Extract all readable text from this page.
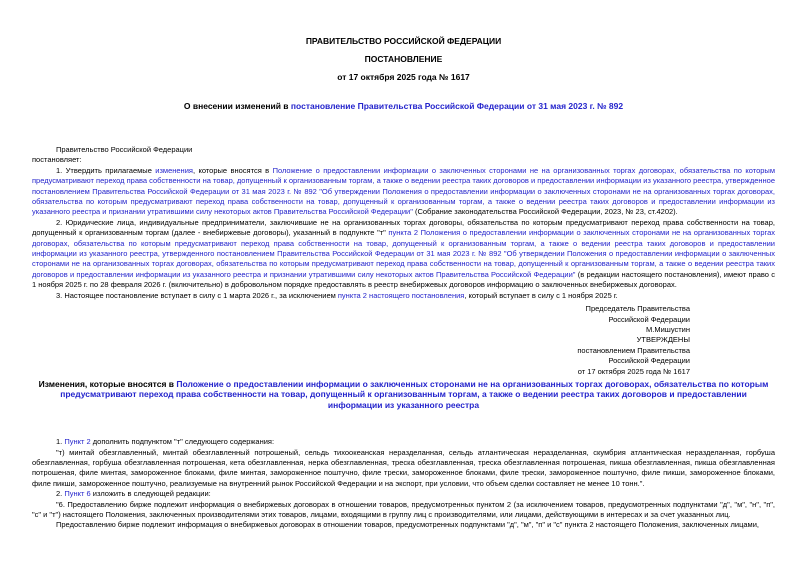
ПРАВИТЕЛЬСТВО РОССИЙСКОЙ ФЕДЕРАЦИИ
ПОСТАНОВЛЕНИЕ
от 17 октября 2025 года № 1617
О внесении изменений в постановление Правительства Российской Федерации от 31 мая 2023 г. № 892

Правительство Российской Федерации

постановляет:

1. Утвердить прилагаемые изменения, которые вносятся в Положение о предоставлении информации о заключенных сторонами не на организованных торгах договорах, обязательства по которым предусматривают переход права собственности на товар, допущенный к организованным торгам, а также о ведении реестра таких договоров и предоставлении информации из указанного реестра, утвержденное постановлением Правительства Российской Федерации от 31 мая 2023 г. № 892 "Об утверждении Положения о предоставлении информации о заключенных сторонами не на организованных торгах договорах, обязательства по которым предусматривают переход права собственности на товар, допущенный к организованным торгам, а также о ведении реестра таких договоров и предоставлении информации из указанного реестра и признании утратившими силу некоторых актов Правительства Российской Федерации" (Собрание законодательства Российской Федерации, 2023, № 23, ст.4202).

2. Юридические лица, индивидуальные предприниматели, заключившие не на организованных торгах договоры, обязательства по которым предусматривают переход права собственности на товар, допущенный к организованным торгам (далее - внебиржевые договоры), указанный в подпункте "т" пункта 2 Положения о предоставлении информации о заключенных сторонами не на организованных торгах договорах, обязательства по которым предусматривают переход права собственности на товар, допущенный к организованным торгам, а также о ведении реестра таких договоров и предоставлении информации из указанного реестра, утвержденного постановлением Правительства Российской Федерации от 31 мая 2023 г. № 892 "Об утверждении Положения о предоставлении информации о заключенных сторонами не на организованных торгах договорах, обязательства по которым предусматривают переход права собственности на товар, допущенный к организованным торгам, а также о ведении реестра таких договоров и предоставлении информации из указанного реестра и признании утратившими силу некоторых актов Правительства Российской Федерации" (в редакции настоящего постановления), имеют право с 1 ноября 2025 г. по 28 февраля 2026 г. (включительно) в добровольном порядке предоставлять в реестр внебиржевых договоров информацию о заключенных внебиржевых договорах.

3. Настоящее постановление вступает в силу с 1 марта 2026 г., за исключением пункта 2 настоящего постановления, который вступает в силу с 1 ноября 2025 г.

Председатель Правительства
Российской Федерации
М.Мишустин
УТВЕРЖДЕНЫ
постановлением Правительства
Российской Федерации
от 17 октября 2025 года № 1617
Изменения, которые вносятся в Положение о предоставлении информации о заключенных сторонами не на организованных торгах договорах, обязательства по которым предусматривают переход права собственности на товар, допущенный к организованным торгам, а также о ведении реестра таких договоров и предоставлении информации из указанного реестра

1. Пункт 2 дополнить подпунктом "т" следующего содержания:

"т) минтай обезглавленный, минтай обезглавленный потрошеный, сельдь тихоокеанская неразделанная, сельдь атлантическая неразделанная, скумбрия атлантическая неразделанная, горбуша обезглавленная, горбуша обезглавленная потрошеная, кета обезглавленная, нерка обезглавленная, треска обезглавленная, треска обезглавленная потрошеная, пикша обезглавленная, пикша обезглавленная потрошеная, филе минтая, замороженное блоками, филе минтая, замороженное поштучно, филе трески, замороженное блоками, филе трески, замороженное поштучно, филе пикши, замороженное блоками, филе пикши, замороженное поштучно, реализуемые на внутренний рынок Российской Федерации и на экспорт, при условии, что объем сделки составляет не менее 10 тонн.".

2. Пункт 6 изложить в следующей редакции:

"6. Предоставлению бирже подлежит информация о внебиржевых договорах в отношении товаров, предусмотренных пунктом 2 (за исключением товаров, предусмотренных подпунктами "д", "м", "н", "п", "с" и "т") настоящего Положения, заключенных производителями этих товаров, лицами, входящими в группу лиц с производителями, или лицами, действующими в интересах и за счет указанных лиц.

Предоставлению бирже подлежит информация о внебиржевых договорах в отношении товаров, предусмотренных подпунктами "д", "м", "п" и "с" пункта 2 настоящего Положения, заключенных лицами,
